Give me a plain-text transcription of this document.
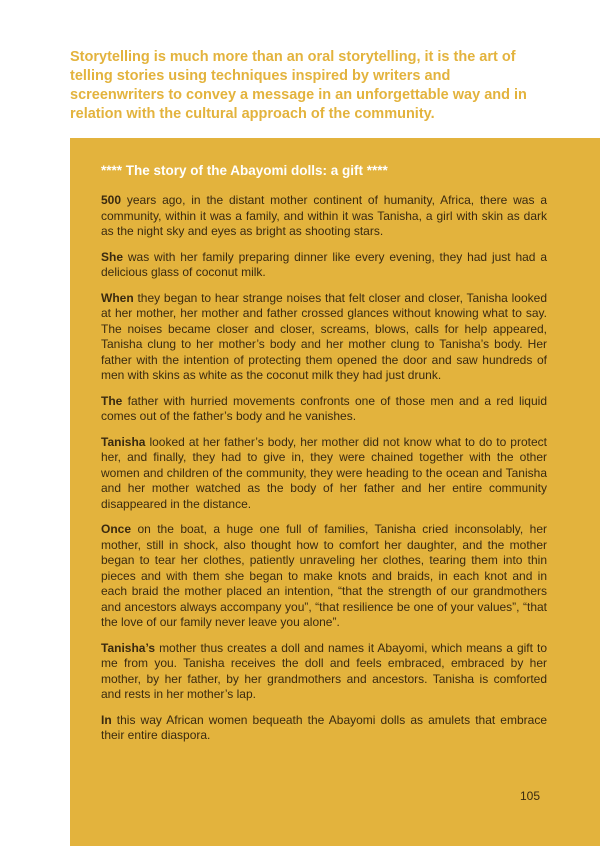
Storytelling is much more than an oral storytelling, it is the art of telling stories using techniques inspired by writers and screenwriters to convey a message in an unforgettable way and in relation with the cultural approach of the community.

**** The story of the Abayomi dolls: a gift ****

500 years ago, in the distant mother continent of humanity, Africa, there was a community, within it was a family, and within it was Tanisha, a girl with skin as dark as the night sky and eyes as bright as shooting stars.

She was with her family preparing dinner like every evening, they had just had a delicious glass of coconut milk.

When they began to hear strange noises that felt closer and closer, Tanisha looked at her mother, her mother and father crossed glances without knowing what to say. The noises became closer and closer, screams, blows, calls for help appeared, Tanisha clung to her mother’s body and her mother clung to Tanisha’s body. Her father with the intention of protecting them opened the door and saw hundreds of men with skins as white as the coconut milk they had just drunk.

The father with hurried movements confronts one of those men and a red liquid comes out of the father’s body and he vanishes.

Tanisha looked at her father’s body, her mother did not know what to do to protect her, and finally, they had to give in, they were chained together with the other women and children of the community, they were heading to the ocean and Tanisha and her mother watched as the body of her father and her entire community disappeared in the distance.

Once on the boat, a huge one full of families, Tanisha cried inconsolably, her mother, still in shock, also thought how to comfort her daughter, and the mother began to tear her clothes, patiently unraveling her clothes, tearing them into thin pieces and with them she began to make knots and braids, in each knot and in each braid the mother placed an intention, “that the strength of our grandmothers and ancestors always accompany you”, “that resilience be one of your values”, “that the love of our family never leave you alone”.

Tanisha’s mother thus creates a doll and names it Abayomi, which means a gift to me from you. Tanisha receives the doll and feels embraced, embraced by her mother, by her father, by her grandmothers and ancestors. Tanisha is comforted and rests in her mother’s lap.

In this way African women bequeath the Abayomi dolls as amulets that embrace their entire diaspora.

105
